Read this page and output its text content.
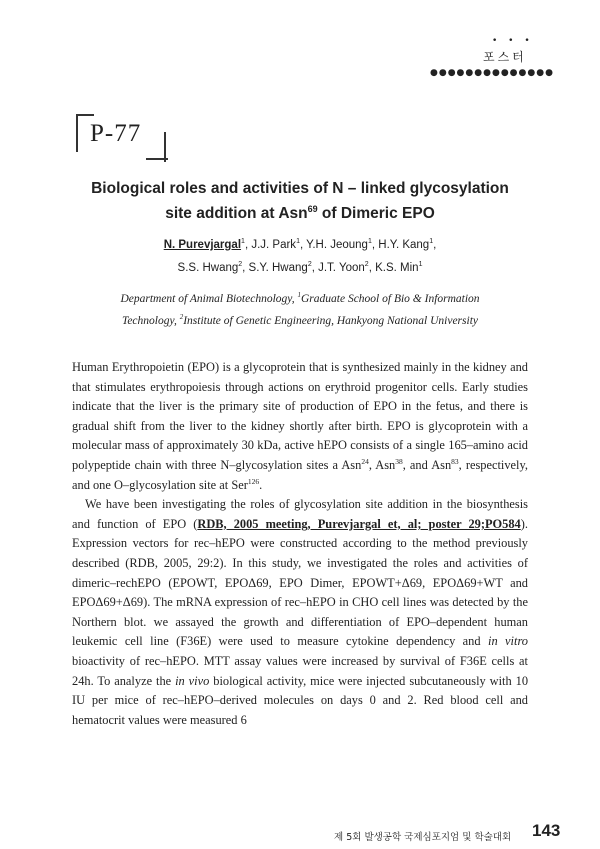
• • •
포스터
●●●●●●●●●●●●●●
P-77
Biological roles and activities of N – linked glycosylation
site addition at Asn$^{69}$ of Dimeric EPO
N. Purevjargal$^1$, J.J. Park$^1$, Y.H. Jeoung$^1$, H.Y. Kang$^1$,
S.S. Hwang$^2$, S.Y. Hwang$^2$, J.T. Yoon$^2$, K.S. Min$^1$
Department of Animal Biotechnology, $^1$Graduate School of Bio & Information
Technology, $^2$Institute of Genetic Engineering, Hankyong National University

Human Erythropoietin (EPO) is a glycoprotein that is synthesized mainly in the kidney and that stimulates erythropoiesis through actions on erythroid progenitor cells. Early studies indicate that the liver is the primary site of production of EPO in the fetus, and there is gradual shift from the liver to the kidney shortly after birth. EPO is glycoprotein with a molecular mass of approximately 30 kDa, active hEPO consists of a single 165–amino acid polypeptide chain with three N–glycosylation sites a Asn$^{24}$, Asn$^{38}$, and Asn$^{83}$, respectively, and one O–glycosylation site at Ser$^{126}$.

We have been investigating the roles of glycosylation site addition in the biosynthesis and function of EPO (RDB, 2005 meeting, Purevjargal et, al; poster 29;PO584). Expression vectors for rec–hEPO were constructed according to the method previously described (RDB, 2005, 29:2). In this study, we investigated the roles and activities of dimeric–rechEPO (EPOWT, EPOΔ69, EPO Dimer, EPOWT+Δ69, EPOΔ69+WT and EPOΔ69+Δ69). The mRNA expression of rec–hEPO in CHO cell lines was detected by the Northern blot. we assayed the growth and differentiation of EPO–dependent human leukemic cell line (F36E) were used to measure cytokine dependency and in vitro bioactivity of rec–hEPO. MTT assay values were increased by survival of F36E cells at 24h. To analyze the in vivo biological activity, mice were injected subcutaneously with 10 IU per mice of rec–hEPO–derived molecules on days 0 and 2. Red blood cell and hematocrit values were measured 6

제 5회 발생공학 국제심포지엄 및 학술대회 143
